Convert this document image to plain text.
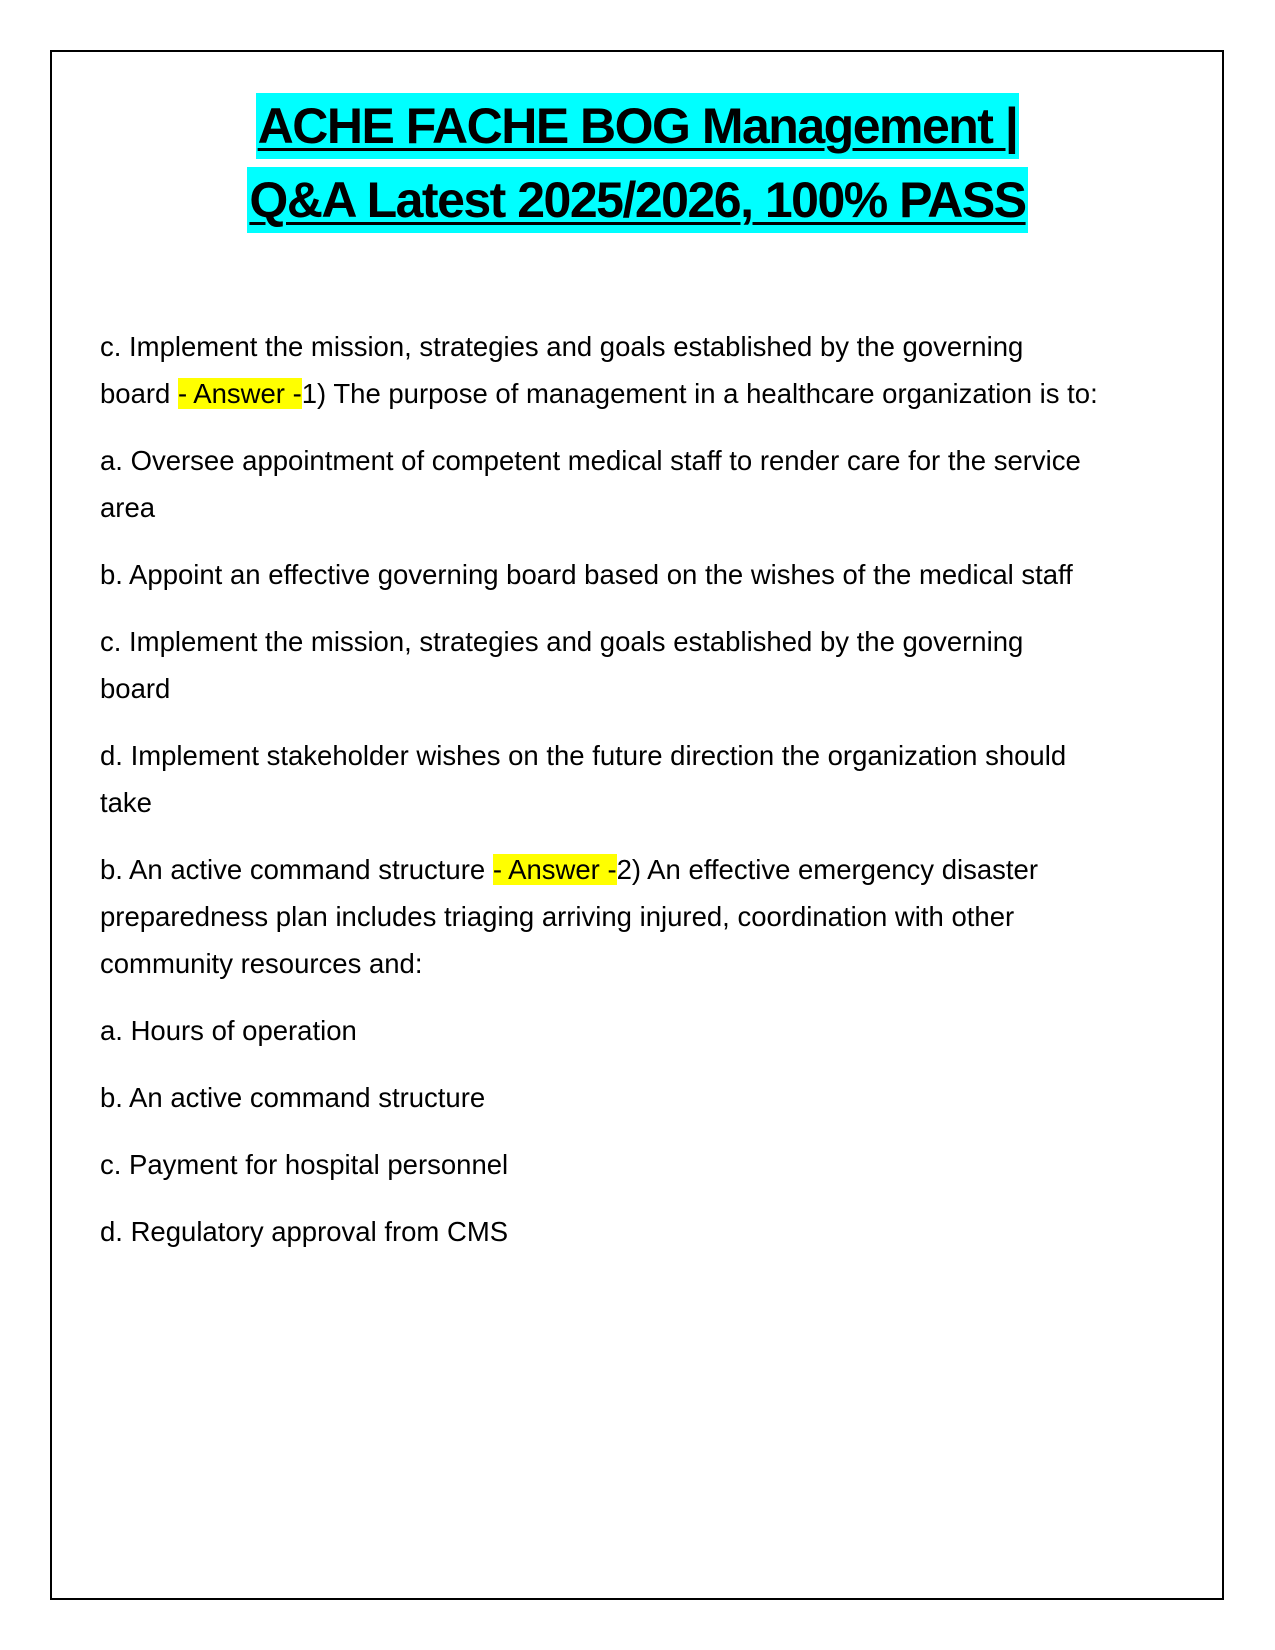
ACHE FACHE BOG Management |
Q&A Latest 2025/2026, 100% PASS

c. Implement the mission, strategies and goals established by the governing board - Answer -1) The purpose of management in a healthcare organization is to:

a. Oversee appointment of competent medical staff to render care for the service area

b. Appoint an effective governing board based on the wishes of the medical staff

c. Implement the mission, strategies and goals established by the governing board

d. Implement stakeholder wishes on the future direction the organization should take

b. An active command structure - Answer -2) An effective emergency disaster preparedness plan includes triaging arriving injured, coordination with other community resources and:

a. Hours of operation

b. An active command structure

c. Payment for hospital personnel

d. Regulatory approval from CMS
